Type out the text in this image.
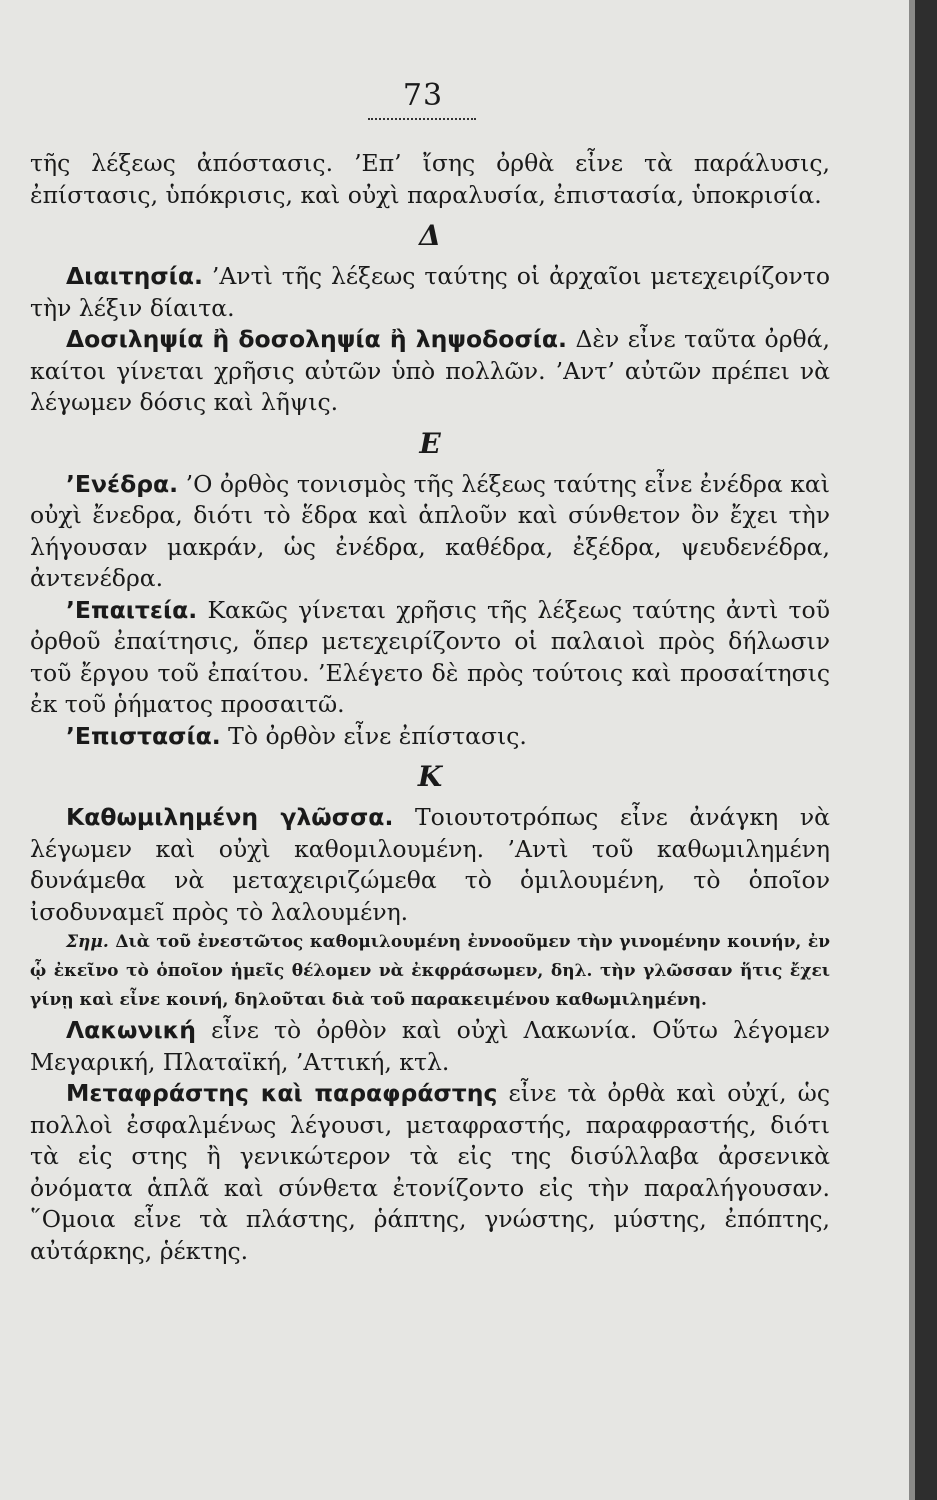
73

τῆς λέξεως ἀπόστασις. ’Επ’ ἴσης ὀρθὰ εἶνε τὰ παράλυσις, ἐπίστασις, ὑπόκρισις, καὶ οὐχὶ παραλυσία, ἐπιστασία, ὑποκρισία.

Δ

Διαιτησία. ’Αντὶ τῆς λέξεως ταύτης οἱ ἀρχαῖοι μετεχειρίζοντο τὴν λέξιν δίαιτα.

Δοσιληψία ἢ δοσοληψία ἢ ληψοδοσία. Δὲν εἶνε ταῦτα ὀρθά, καίτοι γίνεται χρῆσις αὐτῶν ὑπὸ πολλῶν. ’Αντ’ αὐτῶν πρέπει νὰ λέγωμεν δόσις καὶ λῆψις.

Ε

’Ενέδρα. ’Ο ὀρθὸς τονισμὸς τῆς λέξεως ταύτης εἶνε ἐνέδρα καὶ οὐχὶ ἔνεδρα, διότι τὸ ἕδρα καὶ ἁπλοῦν καὶ σύνθετον ὂν ἔχει τὴν λήγουσαν μακράν, ὡς ἐνέδρα, καθέδρα, ἐξέδρα, ψευδενέδρα, ἀντενέδρα.

’Επαιτεία. Κακῶς γίνεται χρῆσις τῆς λέξεως ταύτης ἀντὶ τοῦ ὀρθοῦ ἐπαίτησις, ὅπερ μετεχειρίζοντο οἱ παλαιοὶ πρὸς δήλωσιν τοῦ ἔργου τοῦ ἐπαίτου. ’Ελέγετο δὲ πρὸς τούτοις καὶ προσαίτησις ἐκ τοῦ ῥήματος προσαιτῶ.

’Επιστασία. Τὸ ὀρθὸν εἶνε ἐπίστασις.

Κ

Καθωμιλημένη γλῶσσα. Τοιουτοτρόπως εἶνε ἀνάγκη νὰ λέγωμεν καὶ οὐχὶ καθομιλουμένη. ’Αντὶ τοῦ καθωμιλημένη δυνάμεθα νὰ μεταχειριζώμεθα τὸ ὁμιλουμένη, τὸ ὁποῖον ἰσοδυναμεῖ πρὸς τὸ λαλουμένη.

Σημ. Διὰ τοῦ ἐνεστῶτος καθομιλουμένη ἐννοοῦμεν τὴν γινομένην κοινήν, ἐν ᾧ ἐκεῖνο τὸ ὁποῖον ἡμεῖς θέλομεν νὰ ἐκφράσωμεν, δηλ. τὴν γλῶσσαν ἥτις ἔχει γίνῃ καὶ εἶνε κοινή, δηλοῦται διὰ τοῦ παρακειμένου καθωμιλημένη.

Λακωνική εἶνε τὸ ὀρθὸν καὶ οὐχὶ Λακωνία. Οὕτω λέγομεν Μεγαρική, Πλαταϊκή, ’Αττική, κτλ.

Μεταφράστης καὶ παραφράστης εἶνε τὰ ὀρθὰ καὶ οὐχί, ὡς πολλοὶ ἐσφαλμένως λέγουσι, μεταφραστής, παραφραστής, διότι τὰ εἰς στης ἢ γενικώτερον τὰ εἰς της δισύλλαβα ἀρσενικὰ ὀνόματα ἁπλᾶ καὶ σύνθετα ἐτονίζοντο εἰς τὴν παραλήγουσαν. ῞Ομοια εἶνε τὰ πλάστης, ῥάπτης, γνώστης, μύστης, ἐπόπτης, αὐτάρκης, ῥέκτης.
